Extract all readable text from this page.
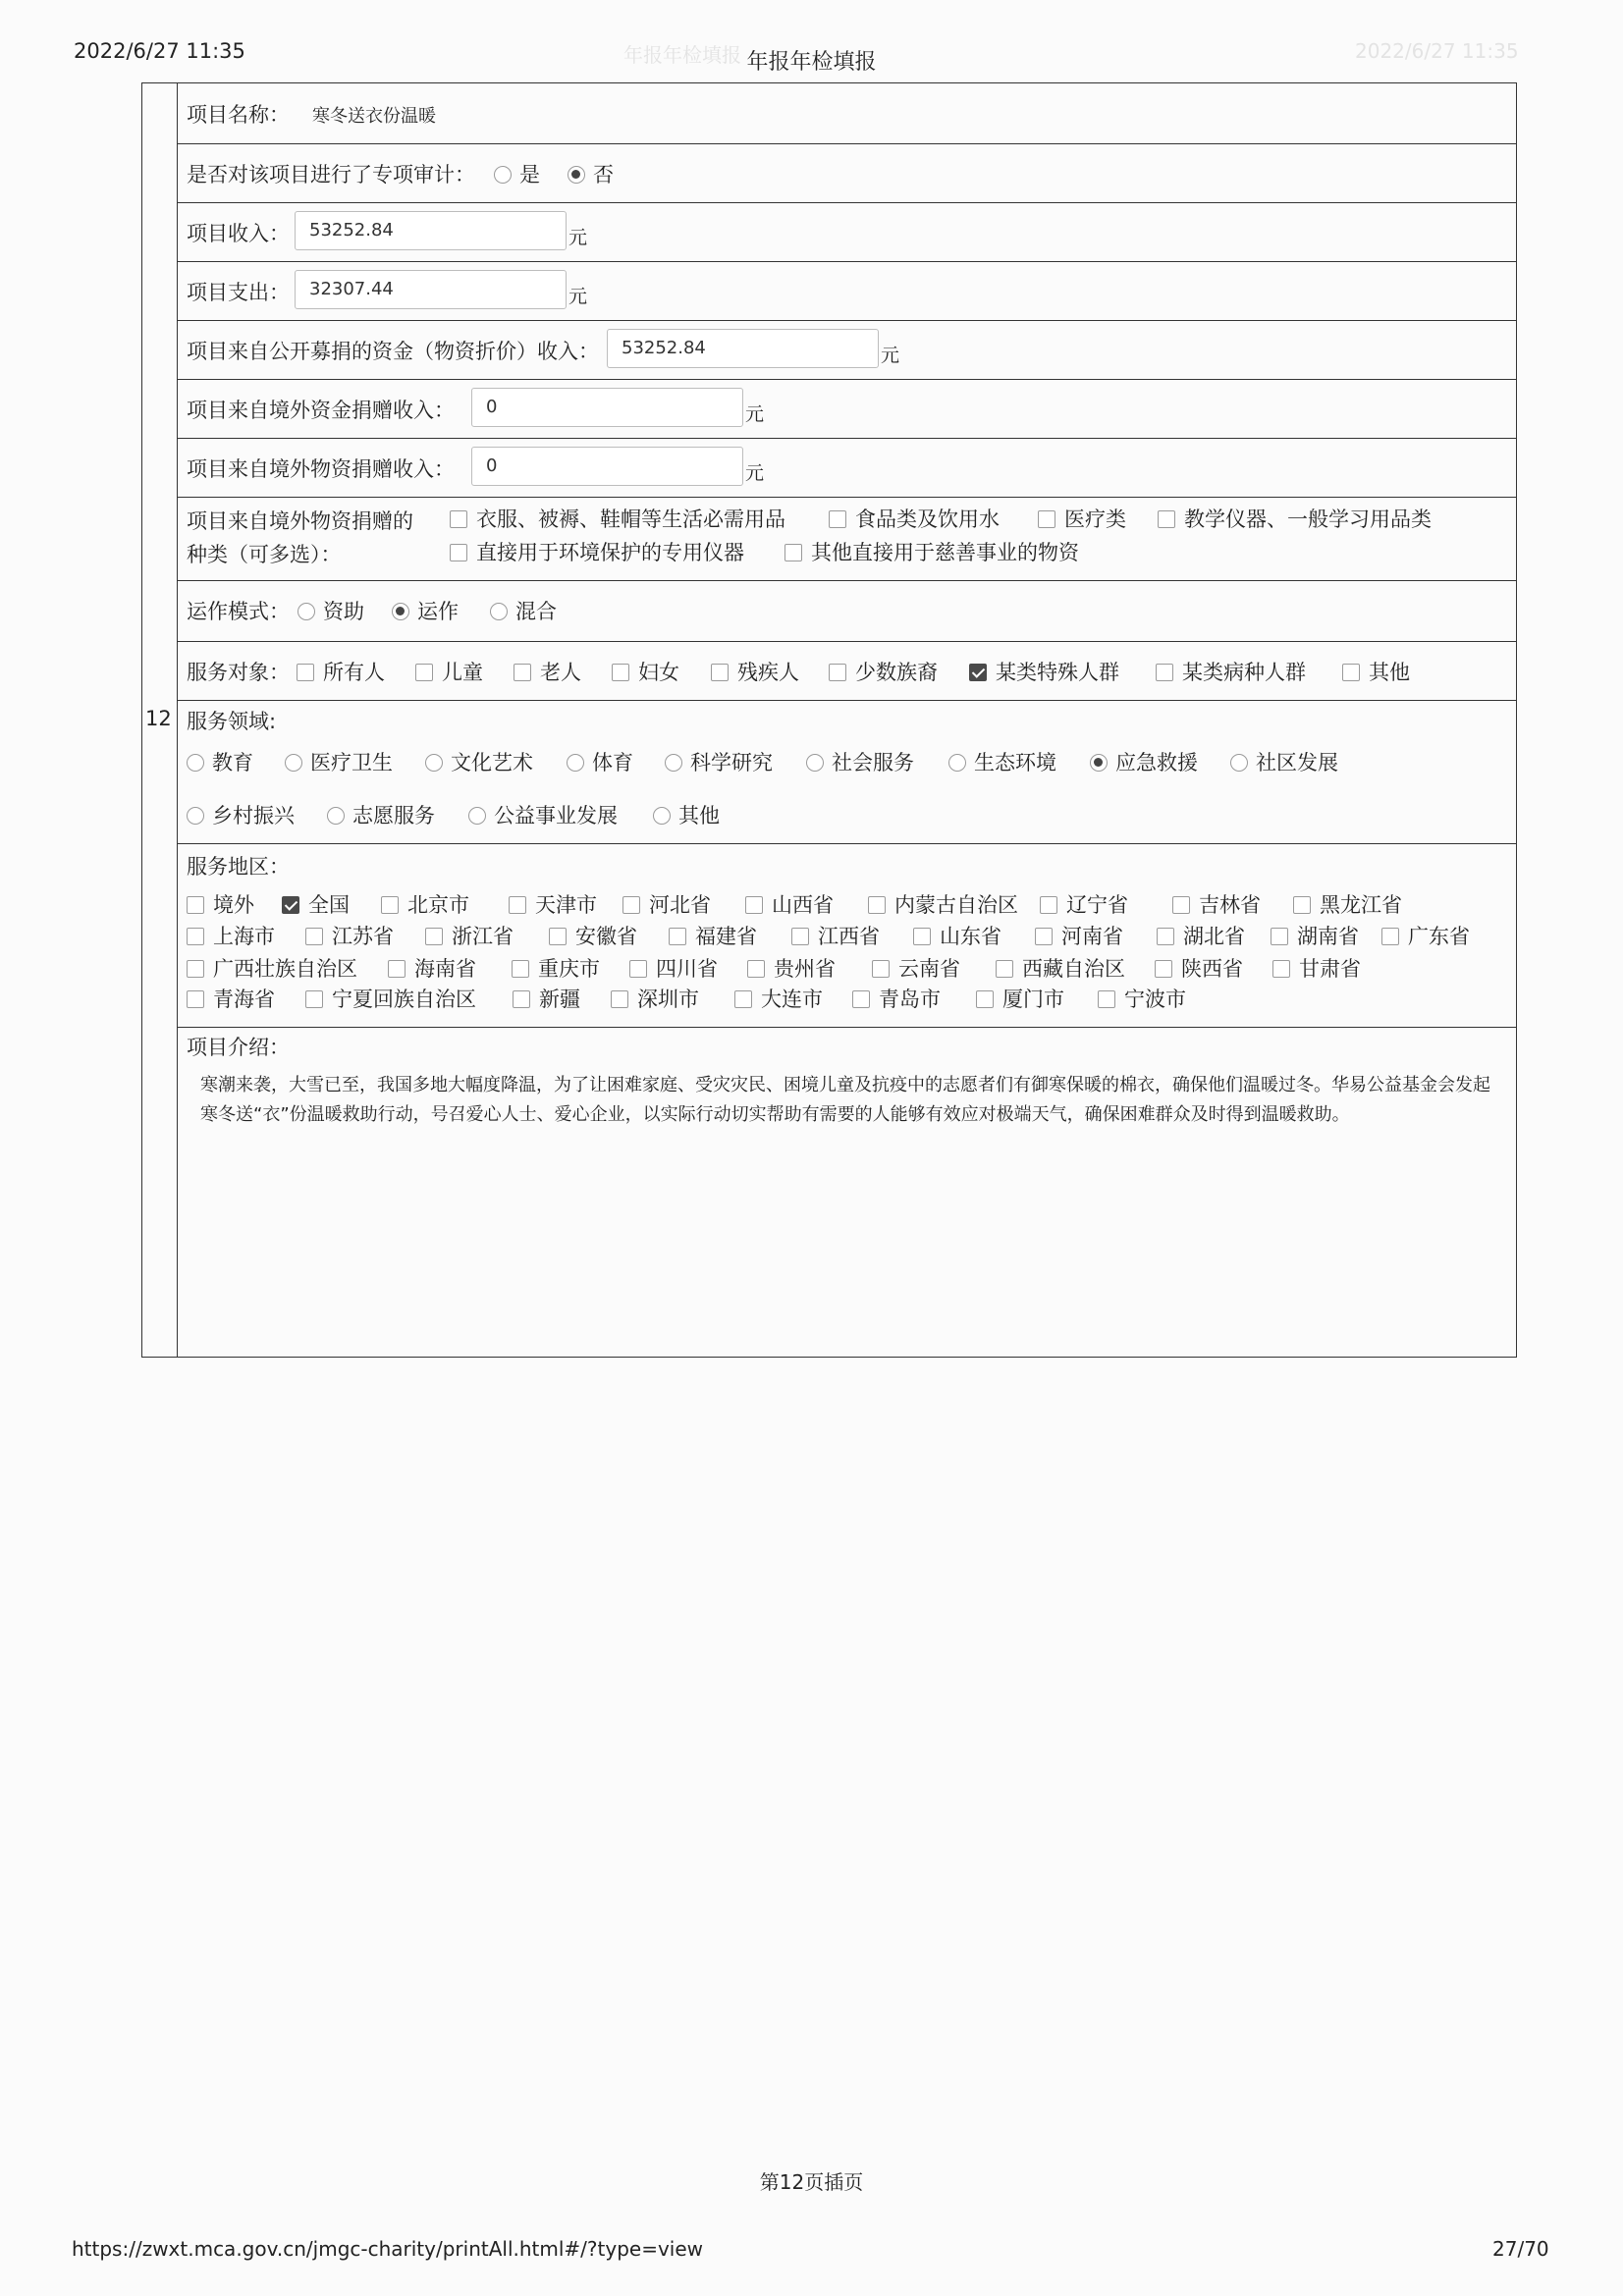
2022/6/27 11:35	年报年检填报
年报年检填报	2022/6/27 11:35
12
项目名称： 寒冬送衣份温暖
是否对该项目进行了专项审计：	是	否
项目收入：	53252.84	元
项目支出：	32307.44	元
项目来自公开募捐的资金（物资折价）收入：	53252.84	元
项目来自境外资金捐赠收入：	0	元
项目来自境外物资捐赠收入：	0	元
项目来自境外物资捐赠的
种类（可多选）：
衣服、被褥、鞋帽等生活必需用品	食品类及饮用水	医疗类	教学仪器、一般学习用品类
直接用于环境保护的专用仪器	其他直接用于慈善事业的物资
运作模式：	资助	运作	混合
服务对象：	所有人	儿童	老人	妇女	残疾人	少数族裔	某类特殊人群	某类病种人群	其他
服务领域:
教育	医疗卫生	文化艺术	体育	科学研究	社会服务	生态环境	应急救援	社区发展
乡村振兴	志愿服务	公益事业发展	其他
服务地区：
境外	全国	北京市	天津市	河北省	山西省	内蒙古自治区	辽宁省	吉林省	黑龙江省
上海市	江苏省	浙江省	安徽省	福建省	江西省	山东省	河南省	湖北省	湖南省	广东省
广西壮族自治区	海南省	重庆市	四川省	贵州省	云南省	西藏自治区	陕西省	甘肃省
青海省	宁夏回族自治区	新疆	深圳市	大连市	青岛市	厦门市	宁波市
项目介绍：
寒潮来袭，大雪已至，我国多地大幅度降温，为了让困难家庭、受灾灾民、困境儿童及抗疫中的志愿者们有御寒保暖的棉衣，确保他们温暖过冬。华易公益基金会发起寒冬送“衣”份温暖救助行动，号召爱心人士、爱心企业，以实际行动切实帮助有需要的人能够有效应对极端天气，确保困难群众及时得到温暖救助。
第12页插页
https://zwxt.mca.gov.cn/jmgc-charity/printAll.html#/?type=view	27/70
